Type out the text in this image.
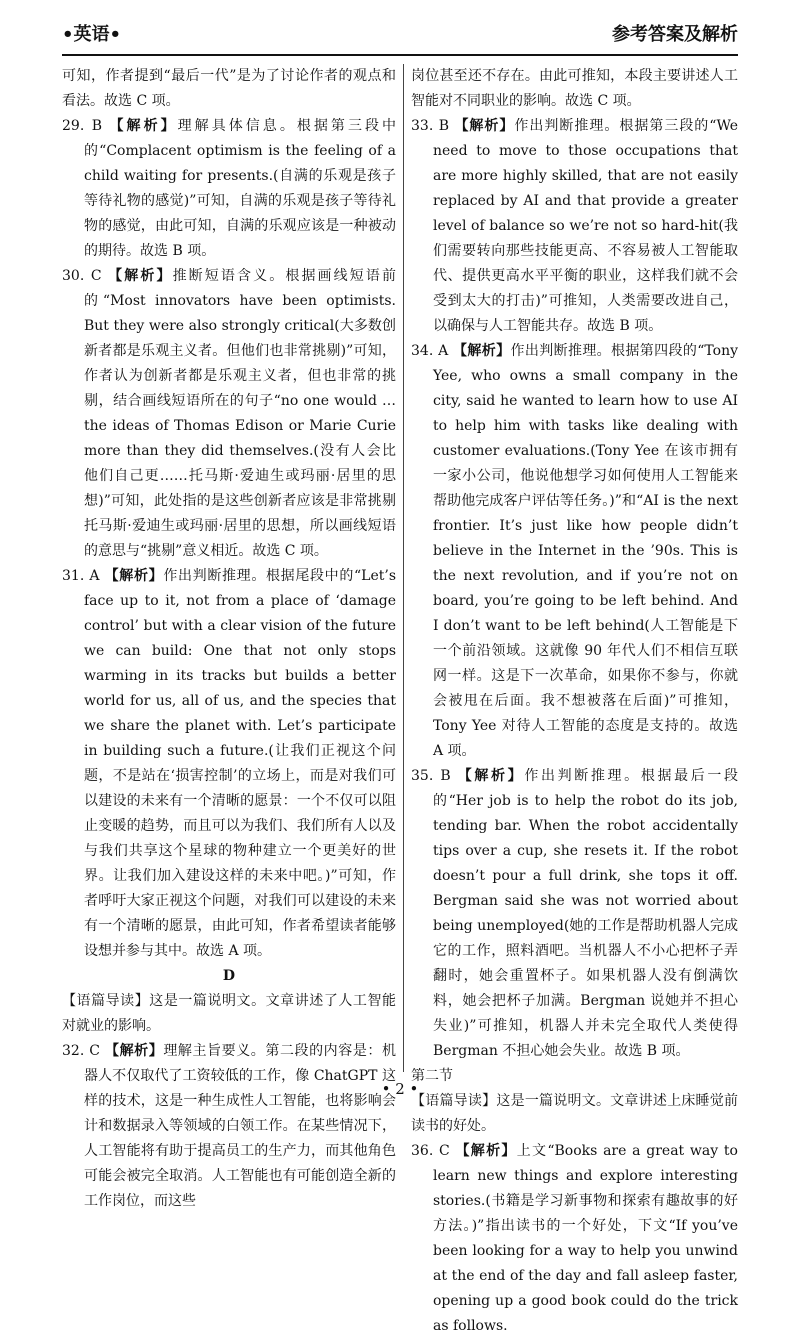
•英语•	参考答案及解析

可知，作者提到“最后一代”是为了讨论作者的观点和看法。故选 C 项。

29. B 【解析】理解具体信息。根据第三段中的“Complacent optimism is the feeling of a child waiting for presents.(自满的乐观是孩子等待礼物的感觉)”可知，自满的乐观是孩子等待礼物的感觉，由此可知，自满的乐观应该是一种被动的期待。故选 B 项。

30. C 【解析】推断短语含义。根据画线短语前的“Most innovators have been optimists. But they were also strongly critical(大多数创新者都是乐观主义者。但他们也非常挑剔)”可知，作者认为创新者都是乐观主义者，但也非常的挑剔，结合画线短语所在的句子“no one would … the ideas of Thomas Edison or Marie Curie more than they did themselves.(没有人会比他们自己更……托马斯·爱迪生或玛丽·居里的思想)”可知，此处指的是这些创新者应该是非常挑剔托马斯·爱迪生或玛丽·居里的思想，所以画线短语的意思与“挑剔”意义相近。故选 C 项。

31. A 【解析】作出判断推理。根据尾段中的“Let’s face up to it, not from a place of ‘damage control’ but with a clear vision of the future we can build: One that not only stops warming in its tracks but builds a better world for us, all of us, and the species that we share the planet with. Let’s participate in building such a future.(让我们正视这个问题，不是站在‘损害控制’的立场上，而是对我们可以建设的未来有一个清晰的愿景：一个不仅可以阻止变暖的趋势，而且可以为我们、我们所有人以及与我们共享这个星球的物种建立一个更美好的世界。让我们加入建设这样的未来中吧。)”可知，作者呼吁大家正视这个问题，对我们可以建设的未来有一个清晰的愿景，由此可知，作者希望读者能够设想并参与其中。故选 A 项。

D

【语篇导读】这是一篇说明文。文章讲述了人工智能对就业的影响。

32. C 【解析】理解主旨要义。第二段的内容是：机器人不仅取代了工资较低的工作，像 ChatGPT 这样的技术，这是一种生成性人工智能，也将影响会计和数据录入等领域的白领工作。在某些情况下，人工智能将有助于提高员工的生产力，而其他角色可能会被完全取消。人工智能也有可能创造全新的工作岗位，而这些

岗位甚至还不存在。由此可推知，本段主要讲述人工智能对不同职业的影响。故选 C 项。

33. B 【解析】作出判断推理。根据第三段的“We need to move to those occupations that are more highly skilled, that are not easily replaced by AI and that provide a greater level of balance so we’re not so hard-hit(我们需要转向那些技能更高、不容易被人工智能取代、提供更高水平平衡的职业，这样我们就不会受到太大的打击)”可推知，人类需要改进自己，以确保与人工智能共存。故选 B 项。

34. A 【解析】作出判断推理。根据第四段的“Tony Yee, who owns a small company in the city, said he wanted to learn how to use AI to help him with tasks like dealing with customer evaluations.(Tony Yee 在该市拥有一家小公司，他说他想学习如何使用人工智能来帮助他完成客户评估等任务。)”和“AI is the next frontier. It’s just like how people didn’t believe in the Internet in the ’90s. This is the next revolution, and if you’re not on board, you’re going to be left behind. And I don’t want to be left behind(人工智能是下一个前沿领域。这就像 90 年代人们不相信互联网一样。这是下一次革命，如果你不参与，你就会被甩在后面。我不想被落在后面)”可推知，Tony Yee 对待人工智能的态度是支持的。故选 A 项。

35. B 【解析】作出判断推理。根据最后一段的“Her job is to help the robot do its job, tending bar. When the robot accidentally tips over a cup, she resets it. If the robot doesn’t pour a full drink, she tops it off. Bergman said she was not worried about being unemployed(她的工作是帮助机器人完成它的工作，照料酒吧。当机器人不小心把杯子弄翻时，她会重置杯子。如果机器人没有倒满饮料，她会把杯子加满。Bergman 说她并不担心失业)”可推知，机器人并未完全取代人类使得 Bergman 不担心她会失业。故选 B 项。

第二节

【语篇导读】这是一篇说明文。文章讲述上床睡觉前读书的好处。

36. C 【解析】上文“Books are a great way to learn new things and explore interesting stories.(书籍是学习新事物和探索有趣故事的好方法。)”指出读书的一个好处，下文“If you’ve been looking for a way to help you unwind at the end of the day and fall asleep faster, opening up a good book could do the trick as follows.

• 2 •
